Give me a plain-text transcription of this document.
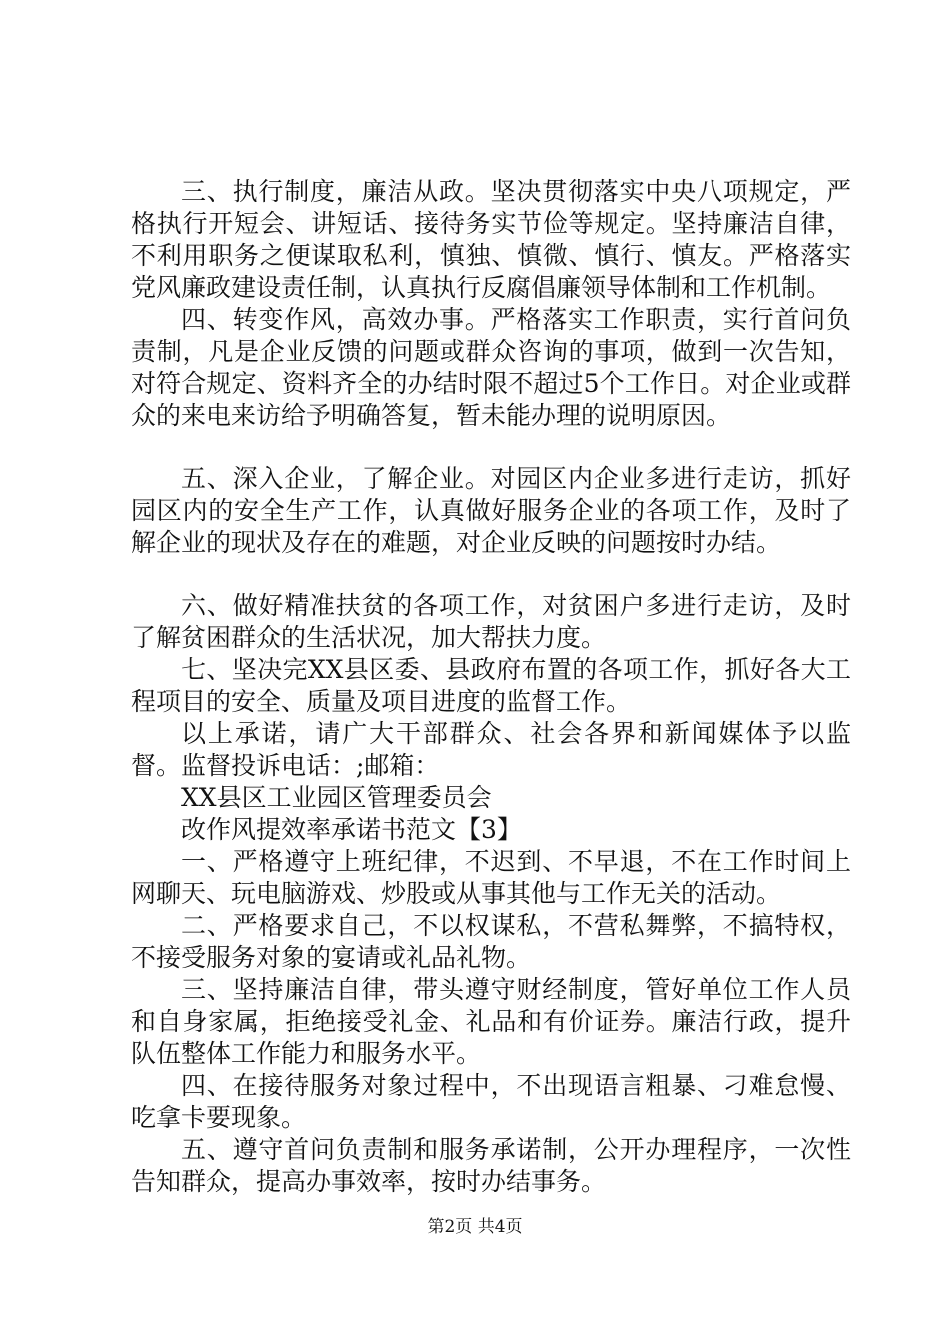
三、执行制度，廉洁从政。坚决贯彻落实中央八项规定，严格执行开短会、讲短话、接待务实节俭等规定。坚持廉洁自律，不利用职务之便谋取私利，慎独、慎微、慎行、慎友。严格落实党风廉政建设责任制，认真执行反腐倡廉领导体制和工作机制。

四、转变作风，高效办事。严格落实工作职责，实行首问负责制，凡是企业反馈的问题或群众咨询的事项，做到一次告知，对符合规定、资料齐全的办结时限不超过5个工作日。对企业或群众的来电来访给予明确答复，暂未能办理的说明原因。

五、深入企业，了解企业。对园区内企业多进行走访，抓好园区内的安全生产工作，认真做好服务企业的各项工作，及时了解企业的现状及存在的难题，对企业反映的问题按时办结。

六、做好精准扶贫的各项工作，对贫困户多进行走访，及时了解贫困群众的生活状况，加大帮扶力度。

七、坚决完XX县区委、县政府布置的各项工作，抓好各大工程项目的安全、质量及项目进度的监督工作。

以上承诺，请广大干部群众、社会各界和新闻媒体予以监督。监督投诉电话：;邮箱：

XX县区工业园区管理委员会

改作风提效率承诺书范文【3】

一、严格遵守上班纪律，不迟到、不早退，不在工作时间上网聊天、玩电脑游戏、炒股或从事其他与工作无关的活动。

二、严格要求自己，不以权谋私，不营私舞弊，不搞特权，不接受服务对象的宴请或礼品礼物。

三、坚持廉洁自律，带头遵守财经制度，管好单位工作人员和自身家属，拒绝接受礼金、礼品和有价证券。廉洁行政，提升队伍整体工作能力和服务水平。

四、在接待服务对象过程中，不出现语言粗暴、刁难怠慢、吃拿卡要现象。

五、遵守首问负责制和服务承诺制，公开办理程序，一次性告知群众，提高办事效率，按时办结事务。

第2页 共4页
